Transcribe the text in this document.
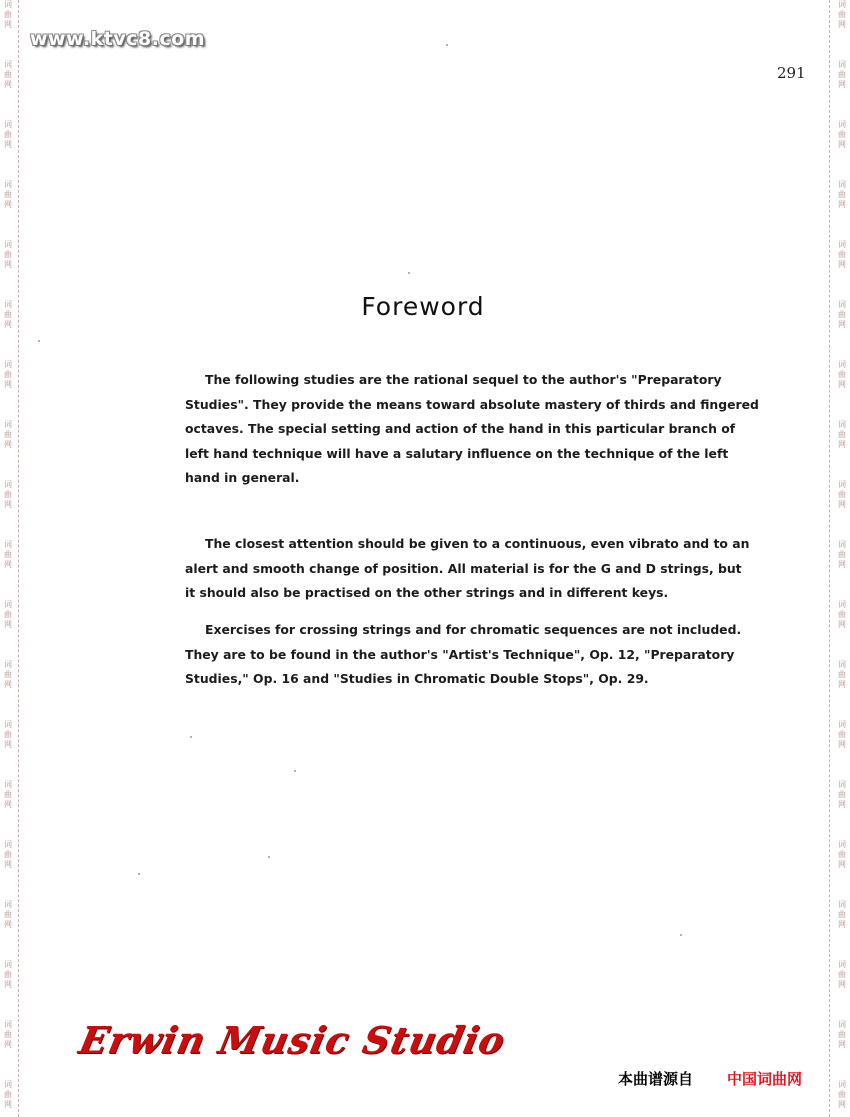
词
曲
网
词
曲
网
词
曲
网
词
曲
网
词
曲
网
词
曲
网
词
曲
网
词
曲
网
词
曲
网
词
曲
网
词
曲
网
词
曲
网
词
曲
网
词
曲
网
词
曲
网
词
曲
网
词
曲
网
词
曲
网
词
曲
网
词
曲
网
词
曲
网
词
曲
网
词
曲
网
词
曲
网
词
曲
网
词
曲
网
词
曲
网
词
曲
网
词
曲
网
词
曲
网
词
曲
网
词
曲
网
词
曲
网
词
曲
网
词
曲
网
词
曲
网
词
曲
网
词
曲
网
www.ktvc8.com
291
Foreword
The following studies are the rational sequel to the author's "Preparatory
Studies". They provide the means toward absolute mastery of thirds and fingered
octaves. The special setting and action of the hand in this particular branch of
left hand technique will have a salutary influence on the technique of the left
hand in general.
The closest attention should be given to a continuous, even vibrato and to an
alert and smooth change of position. All material is for the G and D strings, but
it should also be practised on the other strings and in different keys.
Exercises for crossing strings and for chromatic sequences are not included.
They are to be found in the author's "Artist's Technique", Op. 12, "Preparatory
Studies," Op. 16 and "Studies in Chromatic Double Stops", Op. 29.
Erwin Music Studio
本曲谱源自 中国词曲网
